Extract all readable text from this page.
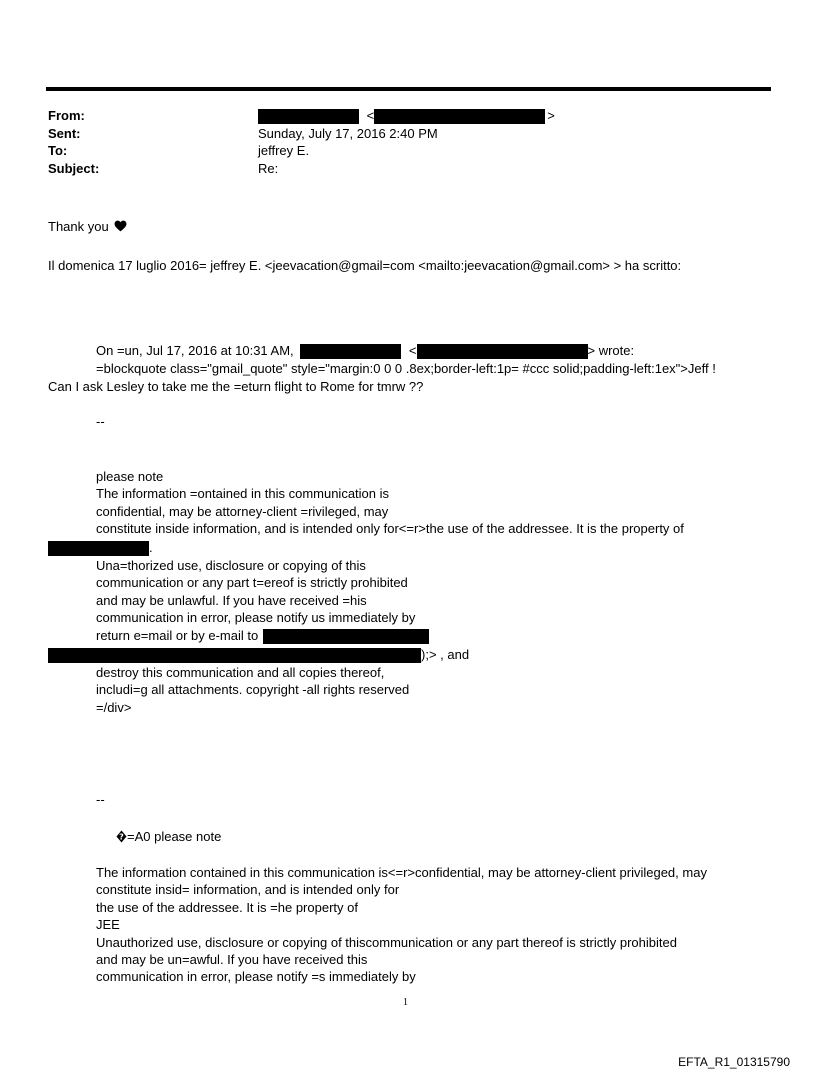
From:	<	>
Sent:	Sunday, July 17, 2016 2:40 PM
To:	jeffrey E.
Subject:	Re:
Thank you
Il domenica 17 luglio 2016= jeffrey E. <jeevacation@gmail=com <mailto:jeevacation@gmail.com> > ha scritto:
On =un, Jul 17, 2016 at 10:31 AM,	<	> wrote:
=blockquote class="gmail_quote" style="margin:0 0 0 .8ex;border-left:1p= #ccc solid;padding-left:1ex">Jeff !
Can I ask Lesley to take me the =eturn flight to Rome for tmrw ??
--
please note
The information =ontained in this communication is
confidential, may be attorney-client =rivileged, may
constitute inside information, and is intended only for<=r>the use of the addressee. It is the property of
.
Una=thorized use, disclosure or copying of this
communication or any part t=ereof is strictly prohibited
and may be unlawful. If you have received =his
communication in error, please notify us immediately by
return e=mail or by e-mail to
);> , and
destroy this communication and all copies thereof,
includi=g all attachments. copyright -all rights reserved
=/div>
--
? =A0 please note
The information contained in this communication is<=r>confidential, may be attorney-client privileged, may
constitute insid= information, and is intended only for
the use of the addressee. It is =he property of
JEE
Unauthorized use, disclosure or copying of thiscommunication or any part thereof is strictly prohibited
and may be un=awful. If you have received this
communication in error, please notify =s immediately by
1
EFTA_R1_01315790
